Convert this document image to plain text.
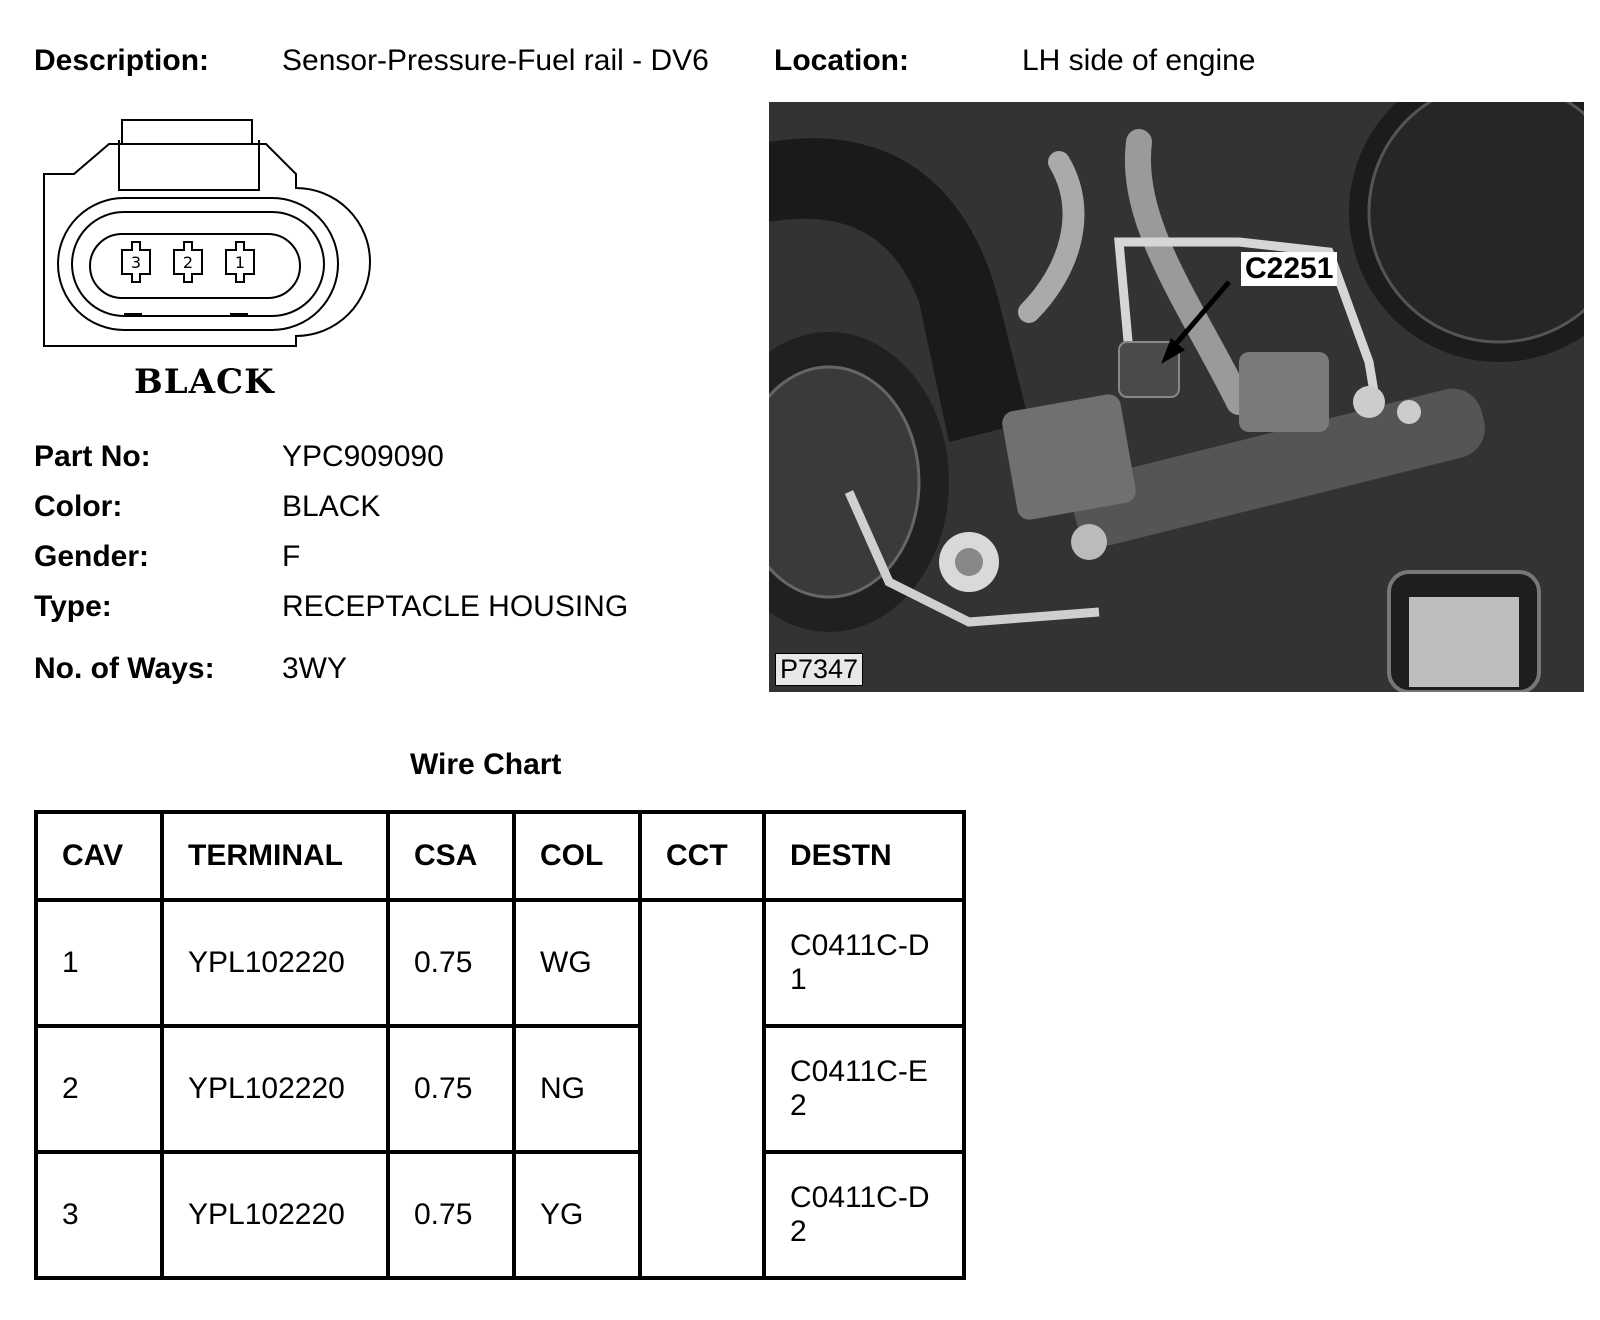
Description: Sensor-Pressure-Fuel rail - DV6 Location:	LH side of engine
3	2	1
BLACK
Part No:	YPC909090
Color:	BLACK
Gender:	F
Type:	RECEPTACLE HOUSING
No. of Ways: 3WY
C2251
P7347
Wire Chart
CAV	TERMINAL	CSA	COL	CCT	DESTN
1	YPL102220	0.75	WG		C0411C-D1

2	YPL102220	0.75	NG		C0411C-E2

3	YPL102220	0.75	YG		C0411C-D2
